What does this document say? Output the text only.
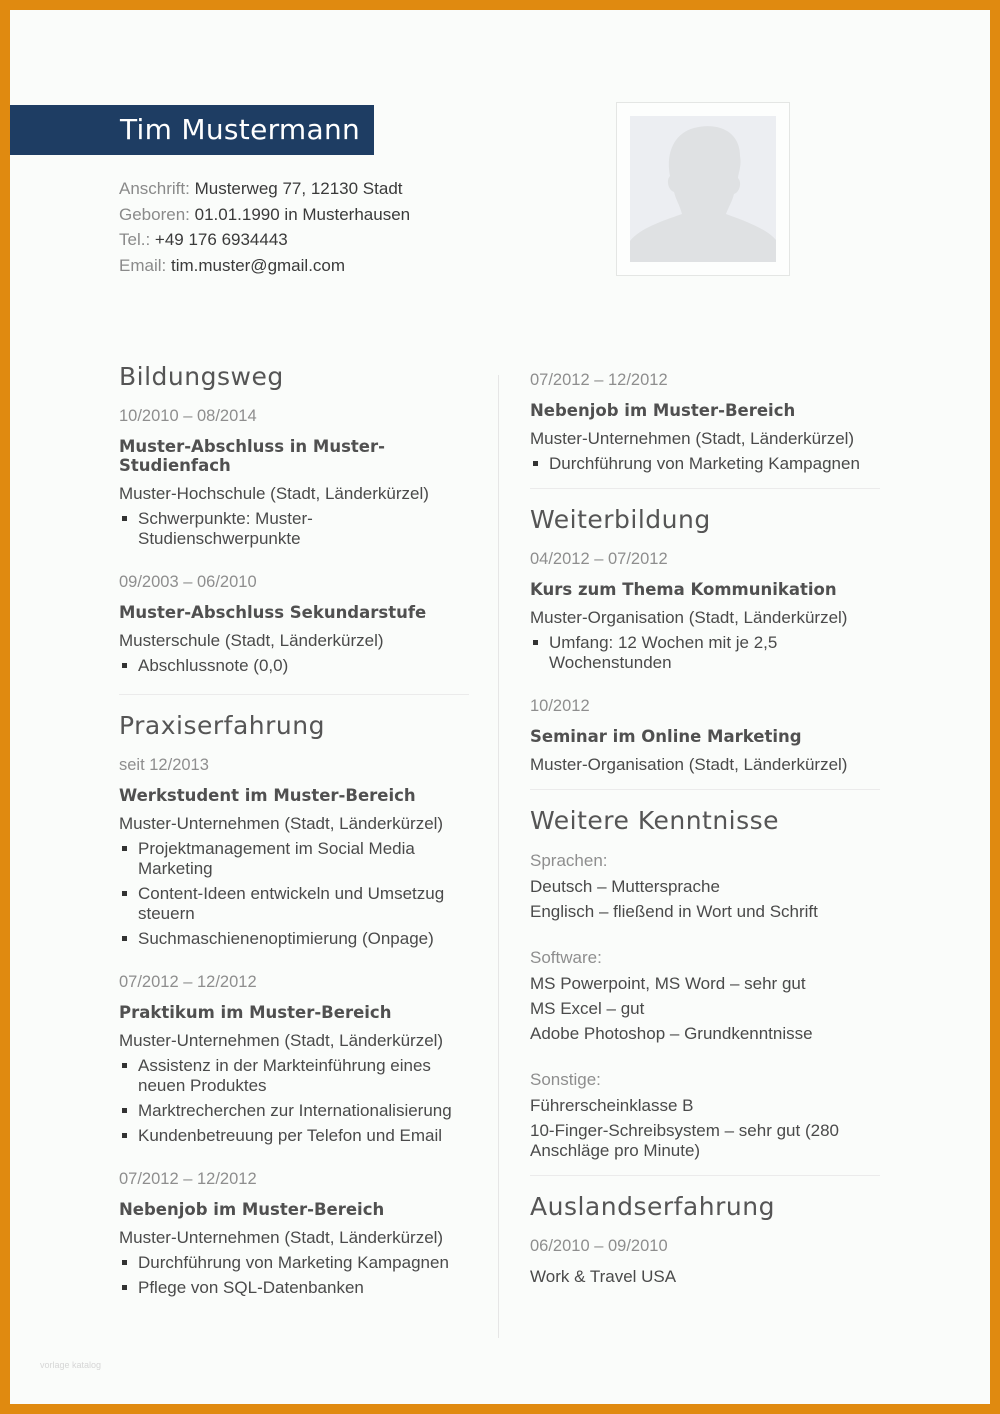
Tim Mustermann
Anschrift: Musterweg 77, 12130 Stadt
Geboren: 01.01.1990 in Musterhausen
Tel.: +49 176 6934443
Email: tim.muster@gmail.com
Bildungsweg
10/2010 – 08/2014
Muster-Abschluss in Muster-Studienfach
Muster-Hochschule (Stadt, Länderkürzel)
Schwerpunkte: Muster-Studienschwerpunkte
09/2003 – 06/2010
Muster-Abschluss Sekundarstufe
Musterschule (Stadt, Länderkürzel)
Abschlussnote (0,0)
Praxiserfahrung
seit 12/2013
Werkstudent im Muster-Bereich
Muster-Unternehmen (Stadt, Länderkürzel)
Projektmanagement im Social Media Marketing
Content-Ideen entwickeln und Umsetzug steuern
Suchmaschienenoptimierung (Onpage)
07/2012 – 12/2012
Praktikum im Muster-Bereich
Muster-Unternehmen (Stadt, Länderkürzel)
Assistenz in der Markteinführung eines neuen Produktes
Marktrecherchen zur Internationalisierung
Kundenbetreuung per Telefon und Email
07/2012 – 12/2012
Nebenjob im Muster-Bereich
Muster-Unternehmen (Stadt, Länderkürzel)
Durchführung von Marketing Kampagnen
Pflege von SQL-Datenbanken
07/2012 – 12/2012
Nebenjob im Muster-Bereich
Muster-Unternehmen (Stadt, Länderkürzel)
Durchführung von Marketing Kampagnen
Weiterbildung
04/2012 – 07/2012
Kurs zum Thema Kommunikation
Muster-Organisation (Stadt, Länderkürzel)
Umfang: 12 Wochen mit je 2,5 Wochenstunden
10/2012
Seminar im Online Marketing
Muster-Organisation (Stadt, Länderkürzel)
Weitere Kenntnisse
Sprachen:
Deutsch – Muttersprache
Englisch – fließend in Wort und Schrift
Software:
MS Powerpoint, MS Word – sehr gut
MS Excel – gut
Adobe Photoshop – Grundkenntnisse
Sonstige:
Führerscheinklasse B
10-Finger-Schreibsystem – sehr gut (280 Anschläge pro Minute)
Auslandserfahrung
06/2010 – 09/2010
Work & Travel USA
vorlage katalog
